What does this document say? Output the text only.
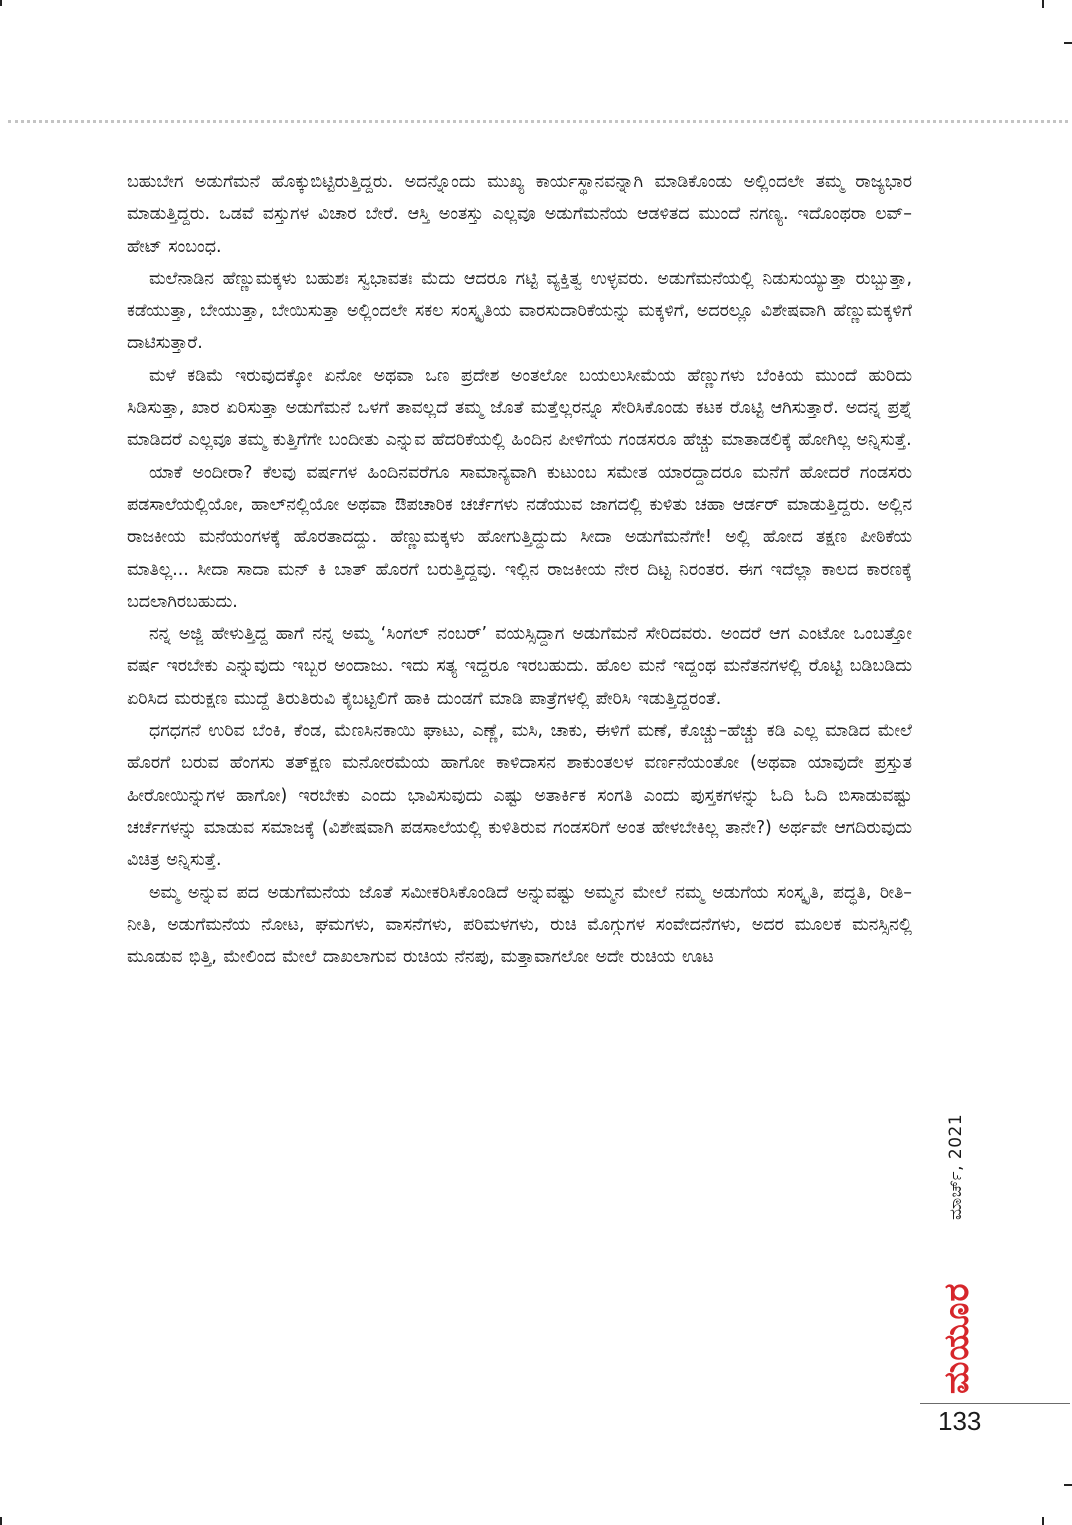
ಬಹುಬೇಗ ಅಡುಗೆಮನೆ ಹೊಕ್ಕುಬಿಟ್ಟಿರುತ್ತಿದ್ದರು. ಅದನ್ನೊಂದು ಮುಖ್ಯ ಕಾರ್ಯಸ್ಥಾನವನ್ನಾಗಿ ಮಾಡಿಕೊಂಡು ಅಲ್ಲಿಂದಲೇ ತಮ್ಮ ರಾಜ್ಯಭಾರ ಮಾಡುತ್ತಿದ್ದರು. ಒಡವೆ ವಸ್ತುಗಳ ವಿಚಾರ ಬೇರೆ. ಆಸ್ತಿ ಅಂತಸ್ತು ಎಲ್ಲವೂ ಅಡುಗೆಮನೆಯ ಆಡಳಿತದ ಮುಂದೆ ನಗಣ್ಯ. ಇದೊಂಥರಾ ಲವ್–ಹೇಟ್ ಸಂಬಂಧ.

ಮಲೆನಾಡಿನ ಹೆಣ್ಣುಮಕ್ಕಳು ಬಹುಶಃ ಸ್ವಭಾವತಃ ಮೆದು ಆದರೂ ಗಟ್ಟಿ ವ್ಯಕ್ತಿತ್ವ ಉಳ್ಳವರು. ಅಡುಗೆಮನೆಯಲ್ಲಿ ನಿಡುಸುಯ್ಯುತ್ತಾ ರುಬ್ಬುತ್ತಾ, ಕಡೆಯುತ್ತಾ, ಬೇಯುತ್ತಾ, ಬೇಯಿಸುತ್ತಾ ಅಲ್ಲಿಂದಲೇ ಸಕಲ ಸಂಸ್ಕೃತಿಯ ವಾರಸುದಾರಿಕೆಯನ್ನು ಮಕ್ಕಳಿಗೆ, ಅದರಲ್ಲೂ ವಿಶೇಷವಾಗಿ ಹೆಣ್ಣುಮಕ್ಕಳಿಗೆ ದಾಟಿಸುತ್ತಾರೆ.

ಮಳೆ ಕಡಿಮೆ ಇರುವುದಕ್ಕೋ ಏನೋ ಅಥವಾ ಒಣ ಪ್ರದೇಶ ಅಂತಲೋ ಬಯಲುಸೀಮೆಯ ಹೆಣ್ಣುಗಳು ಬೆಂಕಿಯ ಮುಂದೆ ಹುರಿದು ಸಿಡಿಸುತ್ತಾ, ಖಾರ ಏರಿಸುತ್ತಾ ಅಡುಗೆಮನೆ ಒಳಗೆ ತಾವಲ್ಲದೆ ತಮ್ಮ ಜೊತೆ ಮತ್ತೆಲ್ಲರನ್ನೂ ಸೇರಿಸಿಕೊಂಡು ಕಟಕ ರೊಟ್ಟಿ ಆಗಿಸುತ್ತಾರೆ. ಅದನ್ನ ಪ್ರಶ್ನೆ ಮಾಡಿದರೆ ಎಲ್ಲವೂ ತಮ್ಮ ಕುತ್ತಿಗೆಗೇ ಬಂದೀತು ಎನ್ನುವ ಹೆದರಿಕೆಯಲ್ಲಿ ಹಿಂದಿನ ಪೀಳಿಗೆಯ ಗಂಡಸರೂ ಹೆಚ್ಚು ಮಾತಾಡಲಿಕ್ಕೆ ಹೋಗಿಲ್ಲ ಅನ್ನಿಸುತ್ತೆ.

ಯಾಕೆ ಅಂದೀರಾ? ಕೆಲವು ವರ್ಷಗಳ ಹಿಂದಿನವರೆಗೂ ಸಾಮಾನ್ಯವಾಗಿ ಕುಟುಂಬ ಸಮೇತ ಯಾರದ್ದಾದರೂ ಮನೆಗೆ ಹೋದರೆ ಗಂಡಸರು ಪಡಸಾಲೆಯಲ್ಲಿಯೋ, ಹಾಲ್‌ನಲ್ಲಿಯೋ ಅಥವಾ ಔಪಚಾರಿಕ ಚರ್ಚೆಗಳು ನಡೆಯುವ ಜಾಗದಲ್ಲಿ ಕುಳಿತು ಚಹಾ ಆರ್ಡರ್ ಮಾಡುತ್ತಿದ್ದರು. ಅಲ್ಲಿನ ರಾಜಕೀಯ ಮನೆಯಂಗಳಕ್ಕೆ ಹೊರತಾದದ್ದು. ಹೆಣ್ಣುಮಕ್ಕಳು ಹೋಗುತ್ತಿದ್ದುದು ಸೀದಾ ಅಡುಗೆಮನೆಗೇ! ಅಲ್ಲಿ ಹೋದ ತಕ್ಷಣ ಪೀಠಿಕೆಯ ಮಾತಿಲ್ಲ... ಸೀದಾ ಸಾದಾ ಮನ್ ಕಿ ಬಾತ್ ಹೊರಗೆ ಬರುತ್ತಿದ್ದವು. ಇಲ್ಲಿನ ರಾಜಕೀಯ ನೇರ ದಿಟ್ಟ ನಿರಂತರ. ಈಗ ಇದೆಲ್ಲಾ ಕಾಲದ ಕಾರಣಕ್ಕೆ ಬದಲಾಗಿರಬಹುದು.

ನನ್ನ ಅಜ್ಜಿ ಹೇಳುತ್ತಿದ್ದ ಹಾಗೆ ನನ್ನ ಅಮ್ಮ ‘ಸಿಂಗಲ್ ನಂಬರ್’ ವಯಸ್ಸಿದ್ದಾಗ ಅಡುಗೆಮನೆ ಸೇರಿದವರು. ಅಂದರೆ ಆಗ ಎಂಟೋ ಒಂಬತ್ತೋ ವರ್ಷ ಇರಬೇಕು ಎನ್ನುವುದು ಇಬ್ಬರ ಅಂದಾಜು. ಇದು ಸತ್ಯ ಇದ್ದರೂ ಇರಬಹುದು. ಹೊಲ ಮನೆ ಇದ್ದಂಥ ಮನೆತನಗಳಲ್ಲಿ ರೊಟ್ಟಿ ಬಡಿಬಡಿದು ಏರಿಸಿದ ಮರುಕ್ಷಣ ಮುದ್ದೆ ತಿರುತಿರುವಿ ಕೈಬಟ್ಟಲಿಗೆ ಹಾಕಿ ದುಂಡಗೆ ಮಾಡಿ ಪಾತ್ರೆಗಳಲ್ಲಿ ಪೇರಿಸಿ ಇಡುತ್ತಿದ್ದರಂತೆ.

ಧಗಧಗನೆ ಉರಿವ ಬೆಂಕಿ, ಕೆಂಡ, ಮೆಣಸಿನಕಾಯಿ ಘಾಟು, ಎಣ್ಣೆ, ಮಸಿ, ಚಾಕು, ಈಳಿಗೆ ಮಣೆ, ಕೊಚ್ಚು–ಹೆಚ್ಚು ಕಡಿ ಎಲ್ಲ ಮಾಡಿದ ಮೇಲೆ ಹೊರಗೆ ಬರುವ ಹೆಂಗಸು ತತ್‌ಕ್ಷಣ ಮನೋರಮೆಯ ಹಾಗೋ ಕಾಳಿದಾಸನ ಶಾಕುಂತಲಳ ವರ್ಣನೆಯಂತೋ (ಅಥವಾ ಯಾವುದೇ ಪ್ರಸ್ತುತ ಹೀರೋಯಿನ್ನುಗಳ ಹಾಗೋ) ಇರಬೇಕು ಎಂದು ಭಾವಿಸುವುದು ಎಷ್ಟು ಅತಾರ್ಕಿಕ ಸಂಗತಿ ಎಂದು ಪುಸ್ತಕಗಳನ್ನು ಓದಿ ಓದಿ ಬಿಸಾಡುವಷ್ಟು ಚರ್ಚೆಗಳನ್ನು ಮಾಡುವ ಸಮಾಜಕ್ಕೆ (ವಿಶೇಷವಾಗಿ ಪಡಸಾಲೆಯಲ್ಲಿ ಕುಳಿತಿರುವ ಗಂಡಸರಿಗೆ ಅಂತ ಹೇಳಬೇಕಿಲ್ಲ ತಾನೇ?) ಅರ್ಥವೇ ಆಗದಿರುವುದು ವಿಚಿತ್ರ ಅನ್ನಿಸುತ್ತೆ.

ಅಮ್ಮ ಅನ್ನುವ ಪದ ಅಡುಗೆಮನೆಯ ಜೊತೆ ಸಮೀಕರಿಸಿಕೊಂಡಿದೆ ಅನ್ನುವಷ್ಟು ಅಮ್ಮನ ಮೇಲೆ ನಮ್ಮ ಅಡುಗೆಯ ಸಂಸ್ಕೃತಿ, ಪದ್ಧತಿ, ರೀತಿ–ನೀತಿ, ಅಡುಗೆಮನೆಯ ನೋಟ, ಘಮಗಳು, ವಾಸನೆಗಳು, ಪರಿಮಳಗಳು, ರುಚಿ ಮೊಗ್ಗುಗಳ ಸಂವೇದನೆಗಳು, ಅದರ ಮೂಲಕ ಮನಸ್ಸಿನಲ್ಲಿ ಮೂಡುವ ಭಿತ್ತಿ, ಮೇಲಿಂದ ಮೇಲೆ ದಾಖಲಾಗುವ ರುಚಿಯ ನೆನಪು, ಮತ್ತಾವಾಗಲೋ ಅದೇ ರುಚಿಯ ಊಟ

ಮಾರ್ಚ್, 2021
ಮಯೂರ
133
